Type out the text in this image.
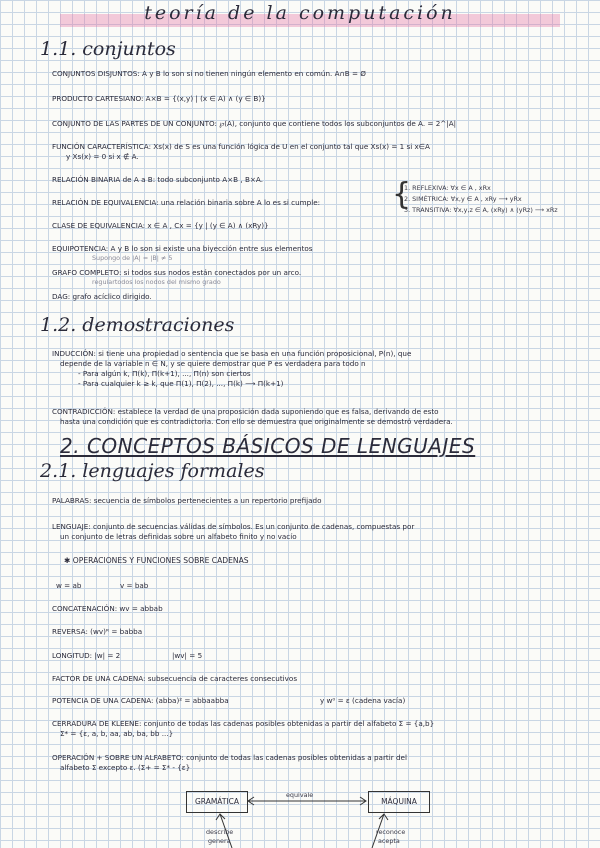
teoría de la computación
1.1. conjuntos
CONJUNTOS DISJUNTOS: A y B lo son si no tienen ningún elemento en común. A∩B = Ø
PRODUCTO CARTESIANO: A×B = {(x,y) | (x ∈ A) ∧ (y ∈ B)}
CONJUNTO DE LAS PARTES DE UN CONJUNTO: ℘(A), conjunto que contiene todos los subconjuntos de A. = 2^|A|
FUNCIÓN CARACTERÍSTICA: Xs(x) de S es una función lógica de U en el conjunto tal que Xs(x) = 1 si x∈A
y Xs(x) = 0 si x ∉ A.
RELACIÓN BINARIA de A a B: todo subconjunto A×B , B×A.
RELACIÓN DE EQUIVALENCIA: una relación binaria sobre A lo es si cumple:	{
1. REFLEXIVA: ∀x ∈ A , xRx
2. SIMÉTRICA: ∀x,y ∈ A , xRy ⟶ yRx
3. TRANSITIVA: ∀x,y,z ∈ A, (xRy) ∧ (yRz) ⟶ xRz
CLASE DE EQUIVALENCIA: x ∈ A , Cx = {y | (y ∈ A) ∧ (xRy)}
EQUIPOTENCIA: A y B lo son si existe una biyección entre sus elementos
Supongo de |A| = |B| ≠ 5
GRAFO COMPLETO: si todos sus nodos están conectados por un arco.
regulartodos los nodos del mismo grado
DAG: grafo acíclico dirigido.
1.2. demostraciones
INDUCCIÓN: si tiene una propiedad o sentencia que se basa en una función proposicional, P(n), que
depende de la variable n ∈ N, y se quiere demostrar que P es verdadera para todo n
- Para algún k, Π(k), Π(k+1), ..., Π(n) son ciertos
- Para cualquier k ≥ k, que Π(1), Π(2), ..., Π(k) ⟶ Π(k+1)
CONTRADICCIÓN: establece la verdad de una proposición dada suponiendo que es falsa, derivando de esto
hasta una condición que es contradictoria. Con ello se demuestra que originalmente se demostró verdadera.
2. CONCEPTOS BÁSICOS DE LENGUAJES
2.1. lenguajes formales
PALABRAS: secuencia de símbolos pertenecientes a un repertorio prefijado
LENGUAJE: conjunto de secuencias válidas de símbolos. Es un conjunto de cadenas, compuestas por
un conjunto de letras definidas sobre un alfabeto finito y no vacío
✱ OPERACIONES Y FUNCIONES SOBRE CADENAS
w = ab	v = bab
CONCATENACIÓN: wv = abbab
REVERSA: (wv)ᴿ = babba
LONGITUD: |w| = 2	|wv| = 5
FACTOR DE UNA CADENA: subsecuencia de caracteres consecutivos
POTENCIA DE UNA CADENA: (abba)² = abbaabba	y w⁰ = ε (cadena vacía)
CERRADURA DE KLEENE: conjunto de todas las cadenas posibles obtenidas a partir del alfabeto Σ = {a,b}
Σ* = {ε, a, b, aa, ab, ba, bb ...}
OPERACIÓN + SOBRE UN ALFABETO: conjunto de todas las cadenas posibles obtenidas a partir del
alfabeto Σ excepto ε. (Σ+ = Σ* - {ε}
GRAMÁTICA	MÁQUINA
equivale
describe
genera
reconoce
acepta
